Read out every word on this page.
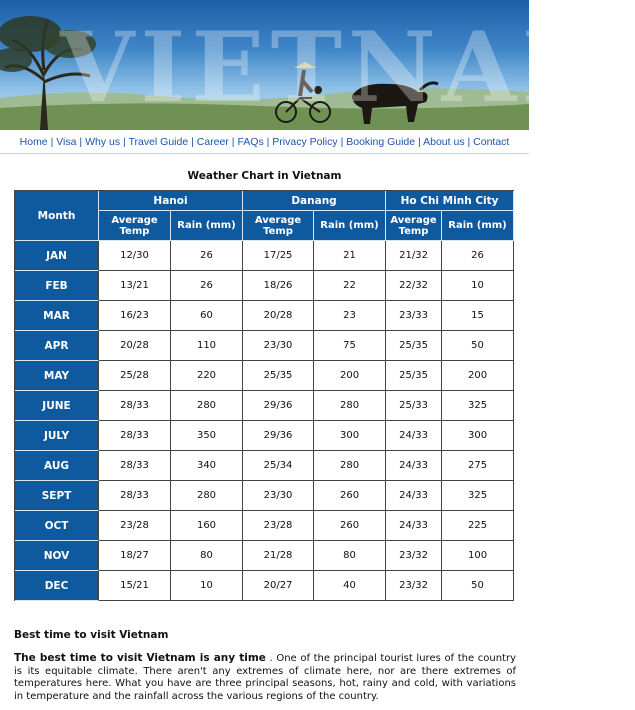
VIETNAM
Home | Visa | Why us | Travel Guide | Career | FAQs | Privacy Policy | Booking Guide | About us | Contact
Weather Chart in Vietnam
Month	Hanoi		Danang		Ho Chi Minh City	
	Average Temp	Rain (mm)	Average Temp	Rain (mm)	Average Temp	Rain (mm)
JAN	12/30	26	17/25	21	21/32	26
FEB	13/21	26	18/26	22	22/32	10
MAR	16/23	60	20/28	23	23/33	15
APR	20/28	110	23/30	75	25/35	50
MAY	25/28	220	25/35	200	25/35	200
JUNE	28/33	280	29/36	280	25/33	325
JULY	28/33	350	29/36	300	24/33	300
AUG	28/33	340	25/34	280	24/33	275
SEPT	28/33	280	23/30	260	24/33	325
OCT	23/28	160	23/28	260	24/33	225
NOV	18/27	80	21/28	80	23/32	100
DEC	15/21	10	20/27	40	23/32	50
Best time to visit Vietnam

The best time to visit Vietnam is any time . One of the principal tourist lures of the country is its equitable climate. There aren't any extremes of climate here, nor are there extremes of temperatures here. What you have are three principal seasons, hot, rainy and cold, with variations in temperature and the rainfall across the various regions of the country.
